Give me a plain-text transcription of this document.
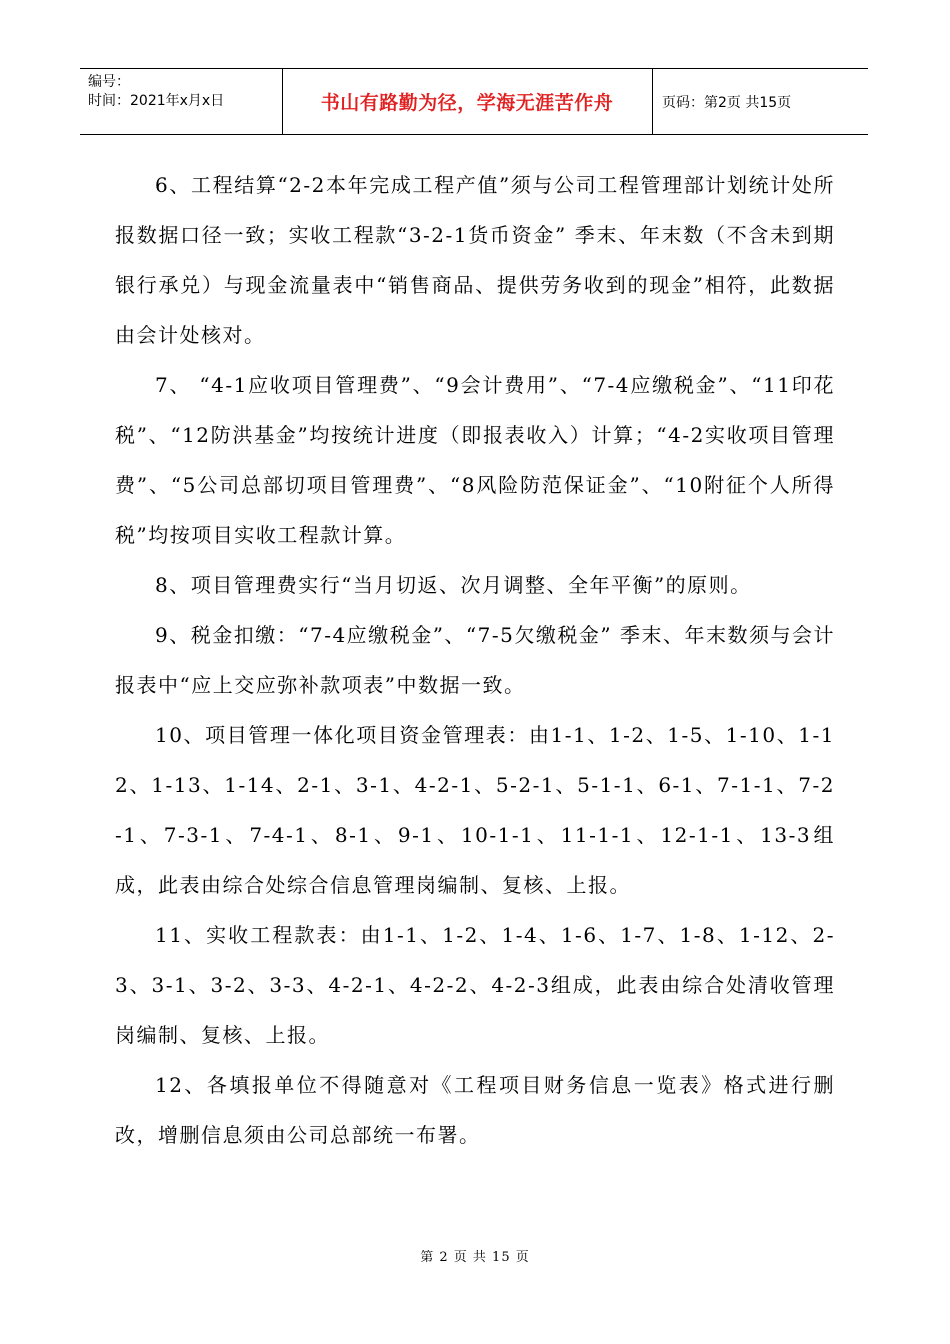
编号：
时间：2021年x月x日	书山有路勤为径，学海无涯苦作舟	页码：第2页 共15页

6、工程结算“2-2本年完成工程产值”须与公司工程管理部计划统计处所报数据口径一致；实收工程款“3-2-1货币资金” 季末、年末数（不含未到期银行承兑）与现金流量表中“销售商品、提供劳务收到的现金”相符，此数据由会计处核对。

7、 “4-1应收项目管理费”、“9会计费用”、“7-4应缴税金”、“11印花税”、“12防洪基金”均按统计进度（即报表收入）计算；“4-2实收项目管理费”、“5公司总部切项目管理费”、“8风险防范保证金”、“10附征个人所得税”均按项目实收工程款计算。

8、项目管理费实行“当月切返、次月调整、全年平衡”的原则。

9、税金扣缴：“7-4应缴税金”、“7-5欠缴税金” 季末、年末数须与会计报表中“应上交应弥补款项表”中数据一致。

10、项目管理一体化项目资金管理表：由1-1、1-2、1-5、1-10、1-12、1-13、1-14、2-1、3-1、4-2-1、5-2-1、5-1-1、6-1、7-1-1、7-2-1、7-3-1、7-4-1、8-1、9-1、10-1-1、11-1-1、12-1-1、13-3组成，此表由综合处综合信息管理岗编制、复核、上报。

11、实收工程款表：由1-1、1-2、1-4、1-6、1-7、1-8、1-12、2-3、3-1、3-2、3-3、4-2-1、4-2-2、4-2-3组成，此表由综合处清收管理岗编制、复核、上报。

12、各填报单位不得随意对《工程项目财务信息一览表》格式进行删改，增删信息须由公司总部统一布署。

第 2 页 共 15 页
